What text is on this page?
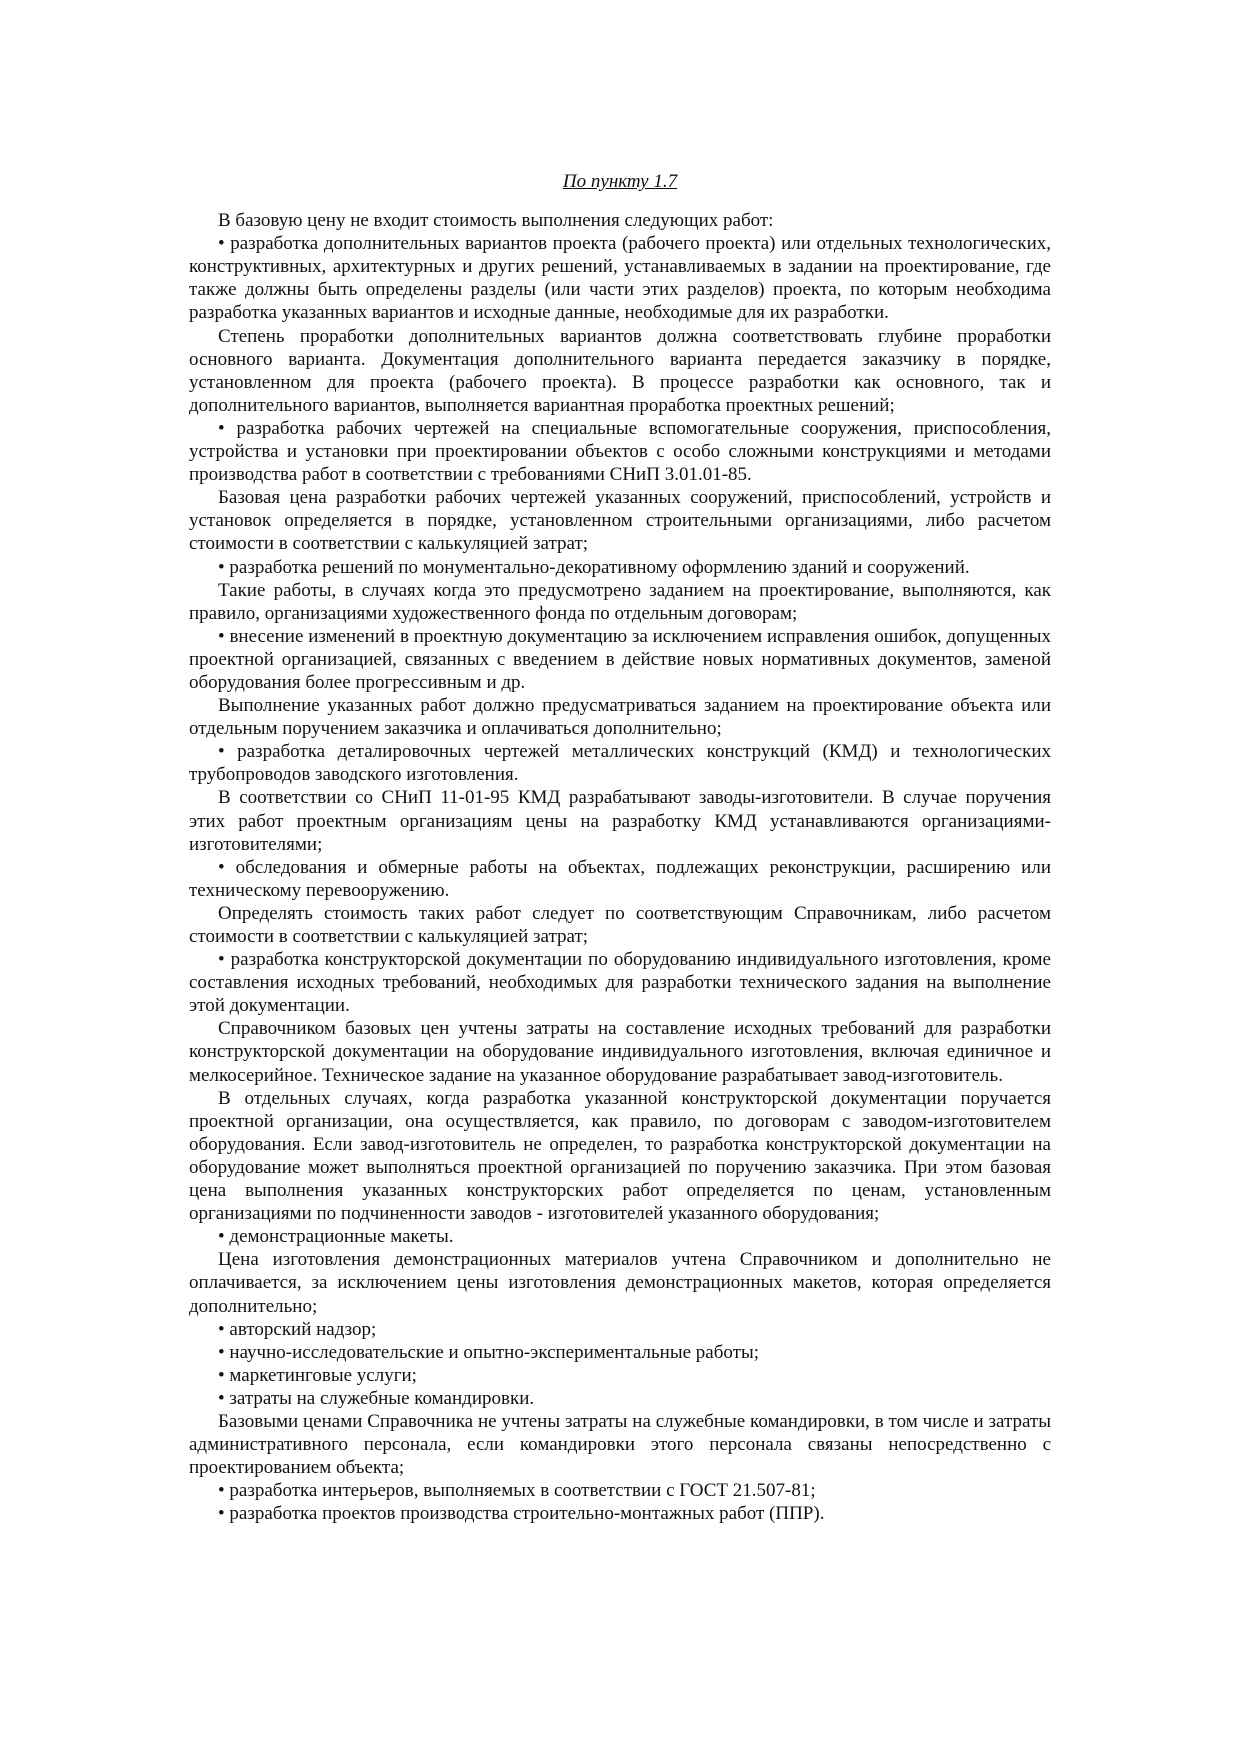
По пункту 1.7

В базовую цену не входит стоимость выполнения следующих работ:

• разработка дополнительных вариантов проекта (рабочего проекта) или отдельных технологических, конструктивных, архитектурных и других решений, устанавливаемых в задании на проектирование, где также должны быть определены разделы (или части этих разделов) проекта, по которым необходима разработка указанных вариантов и исходные данные, необходимые для их разработки.

Степень проработки дополнительных вариантов должна соответствовать глубине проработки основного варианта. Документация дополнительного варианта передается заказчику в порядке, установленном для проекта (рабочего проекта). В процессе разработки как основного, так и дополнительного вариантов, выполняется вариантная проработка проектных решений;

• разработка рабочих чертежей на специальные вспомогательные сооружения, приспособления, устройства и установки при проектировании объектов с особо сложными конструкциями и методами производства работ в соответствии с требованиями СНиП 3.01.01-85.

Базовая цена разработки рабочих чертежей указанных сооружений, приспособлений, устройств и установок определяется в порядке, установленном строительными организациями, либо расчетом стоимости в соответствии с калькуляцией затрат;

• разработка решений по монументально-декоративному оформлению зданий и сооружений.

Такие работы, в случаях когда это предусмотрено заданием на проектирование, выполняются, как правило, организациями художественного фонда по отдельным договорам;

• внесение изменений в проектную документацию за исключением исправления ошибок, допущенных проектной организацией, связанных с введением в действие новых нормативных документов, заменой оборудования более прогрессивным и др.

Выполнение указанных работ должно предусматриваться заданием на проектирование объекта или отдельным поручением заказчика и оплачиваться дополнительно;

• разработка деталировочных чертежей металлических конструкций (КМД) и технологических трубопроводов заводского изготовления.

В соответствии со СНиП 11-01-95 КМД разрабатывают заводы-изготовители. В случае поручения этих работ проектным организациям цены на разработку КМД устанавливаются организациями-изготовителями;

• обследования и обмерные работы на объектах, подлежащих реконструкции, расширению или техническому перевооружению.

Определять стоимость таких работ следует по соответствующим Справочникам, либо расчетом стоимости в соответствии с калькуляцией затрат;

• разработка конструкторской документации по оборудованию индивидуального изготовления, кроме составления исходных требований, необходимых для разработки технического задания на выполнение этой документации.

Справочником базовых цен учтены затраты на составление исходных требований для разработки конструкторской документации на оборудование индивидуального изготовления, включая единичное и мелкосерийное. Техническое задание на указанное оборудование разрабатывает завод-изготовитель.

В отдельных случаях, когда разработка указанной конструкторской документации поручается проектной организации, она осуществляется, как правило, по договорам с заводом-изготовителем оборудования. Если завод-изготовитель не определен, то разработка конструкторской документации на оборудование может выполняться проектной организацией по поручению заказчика. При этом базовая цена выполнения указанных конструкторских работ определяется по ценам, установленным организациями по подчиненности заводов - изготовителей указанного оборудования;

• демонстрационные макеты.

Цена изготовления демонстрационных материалов учтена Справочником и дополнительно не оплачивается, за исключением цены изготовления демонстрационных макетов, которая определяется дополнительно;

• авторский надзор;

• научно-исследовательские и опытно-экспериментальные работы;

• маркетинговые услуги;

• затраты на служебные командировки.

Базовыми ценами Справочника не учтены затраты на служебные командировки, в том числе и затраты административного персонала, если командировки этого персонала связаны непосредственно с проектированием объекта;

• разработка интерьеров, выполняемых в соответствии с ГОСТ 21.507-81;

• разработка проектов производства строительно-монтажных работ (ППР).
